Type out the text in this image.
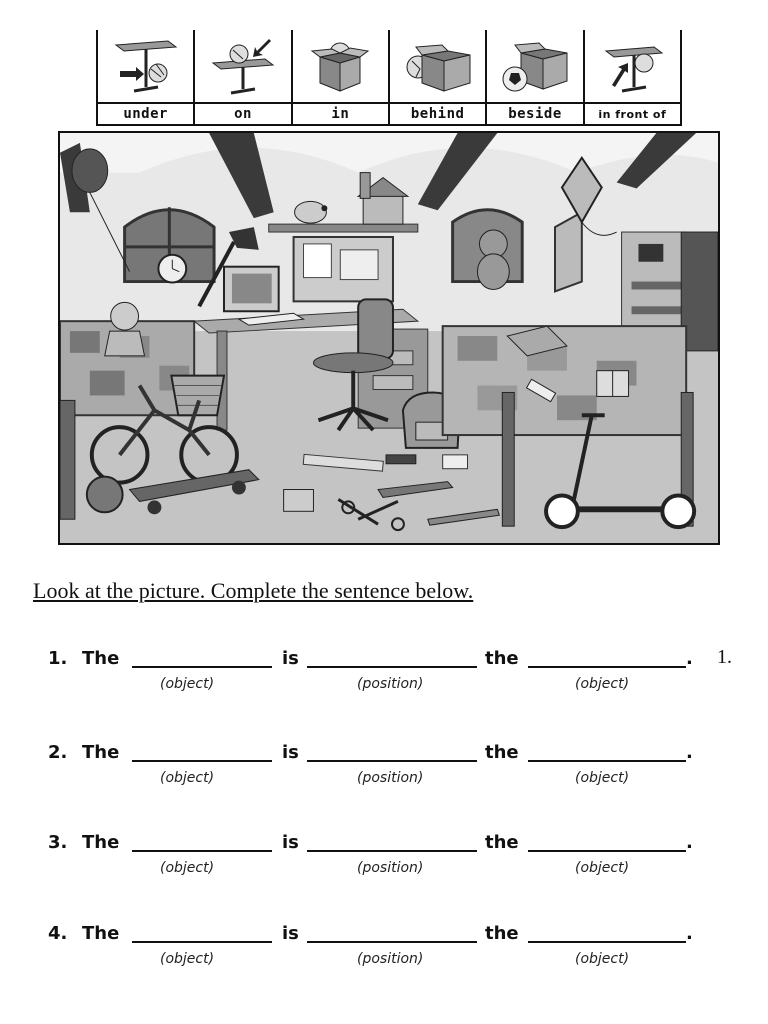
under	on	in	behind	beside	in front of
Look at the picture. Complete the sentence below.
1.
1. The	is	the	.
(object)	(position)	(object)
2. The	is	the	.
(object)	(position)	(object)
3. The	is	the	.
(object)	(position)	(object)
4. The	is	the	.
(object)	(position)	(object)
